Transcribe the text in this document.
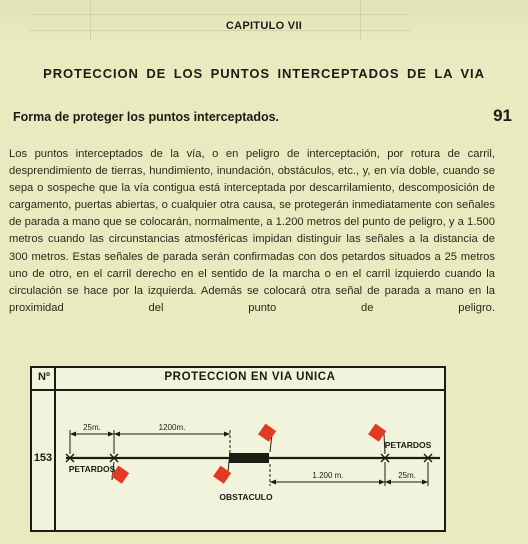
CAPITULO VII
PROTECCION DE LOS PUNTOS INTERCEPTADOS DE LA VIA
Forma de proteger los puntos interceptados.	91
Los puntos interceptados de la vía, o en peligro de interceptación, por rotura de carril, desprendimiento de tierras, hundimiento, inundación, obstáculos, etc., y, en vía doble, cuando se sepa o sospeche que la vía contigua está interceptada por descarrilamiento, descomposición de cargamento, puertas abiertas, o cualquier otra causa, se protegerán inmediatamente con señales de parada a mano que se colocarán, normalmente, a 1.200 metros del punto de peligro, y a 1.500 metros cuando las circunstancias atmosféricas impidan distinguir las señales a la distancia de 300 metros. Estas señales de parada serán confirmadas con dos petardos situados a 25 metros uno de otro, en el carril derecho en el sentido de la marcha o en el carril izquierdo cuando la circulación se hace por la izquierda. Además se colocará otra señal de parada a mano en la proximidad del punto de peligro.
Nº	PROTECCION EN VIA UNICA
153
25m.	1200m.
1.200 m.	25m.
PETARDOS
PETARDOS
OBSTACULO
